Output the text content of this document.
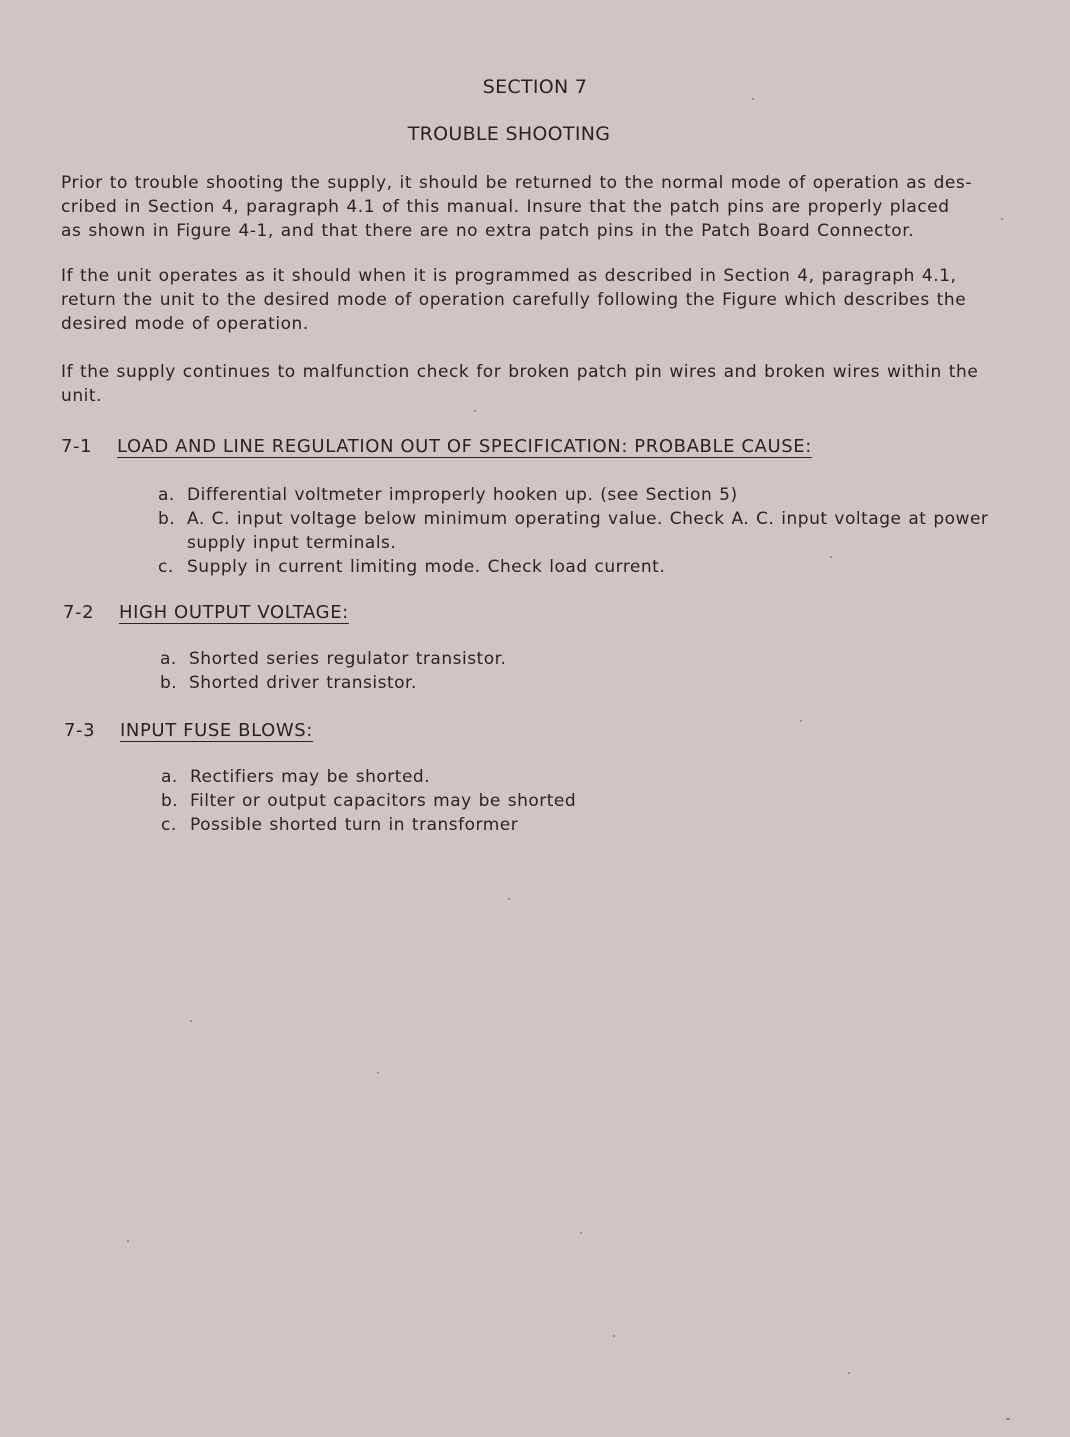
SECTION 7
TROUBLE SHOOTING
Prior to trouble shooting the supply, it should be returned to the normal mode of operation as des-
cribed in Section 4, paragraph 4.1 of this manual. Insure that the patch pins are properly placed
as shown in Figure 4-1, and that there are no extra patch pins in the Patch Board Connector.
If the unit operates as it should when it is programmed as described in Section 4, paragraph 4.1,
return the unit to the desired mode of operation carefully following the Figure which describes the
desired mode of operation.
If the supply continues to malfunction check for broken patch pin wires and broken wires within the
unit.
7-1 LOAD AND LINE REGULATION OUT OF SPECIFICATION: PROBABLE CAUSE:
a. Differential voltmeter improperly hooken up. (see Section 5)
b. A. C. input voltage below minimum operating value. Check A. C. input voltage at power
supply input terminals.
c. Supply in current limiting mode. Check load current.
7-2 HIGH OUTPUT VOLTAGE:
a. Shorted series regulator transistor.
b. Shorted driver transistor.
7-3 INPUT FUSE BLOWS:
a. Rectifiers may be shorted.
b. Filter or output capacitors may be shorted
c. Possible shorted turn in transformer
